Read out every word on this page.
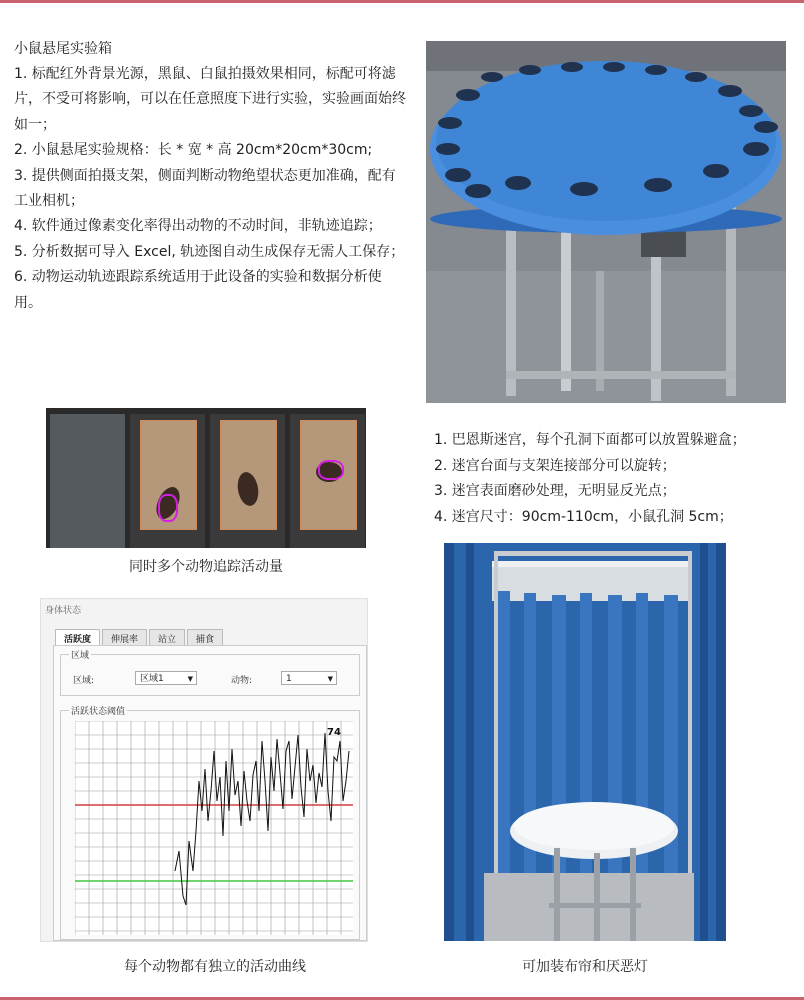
小鼠悬尾实验箱
1. 标配红外背景光源，黑鼠、白鼠拍摄效果相同，标配可将滤片，不受可将影响，可以在任意照度下进行实验，实验画面始终如一；
2. 小鼠悬尾实验规格：长 * 宽 * 高 20cm*20cm*30cm;
3. 提供侧面拍摄支架，侧面判断动物绝望状态更加准确，配有工业相机；
4. 软件通过像素变化率得出动物的不动时间，非轨迹追踪；
5. 分析数据可导入 Excel, 轨迹图自动生成保存无需人工保存；
6. 动物运动轨迹跟踪系统适用于此设备的实验和数据分析使用。
同时多个动物追踪活动量
1. 巴恩斯迷宫，每个孔洞下面都可以放置躲避盒；
2. 迷宫台面与支架连接部分可以旋转；
3. 迷宫表面磨砂处理，无明显反光点；
4. 迷宫尺寸：90cm-110cm，小鼠孔洞 5cm；
身体状态
活跃度	伸展率	站立	捕食
区域
区域:	区域1	▼	动物:	1	▼
活跃状态阈值
74
每个动物都有独立的活动曲线	可加装布帘和厌恶灯
